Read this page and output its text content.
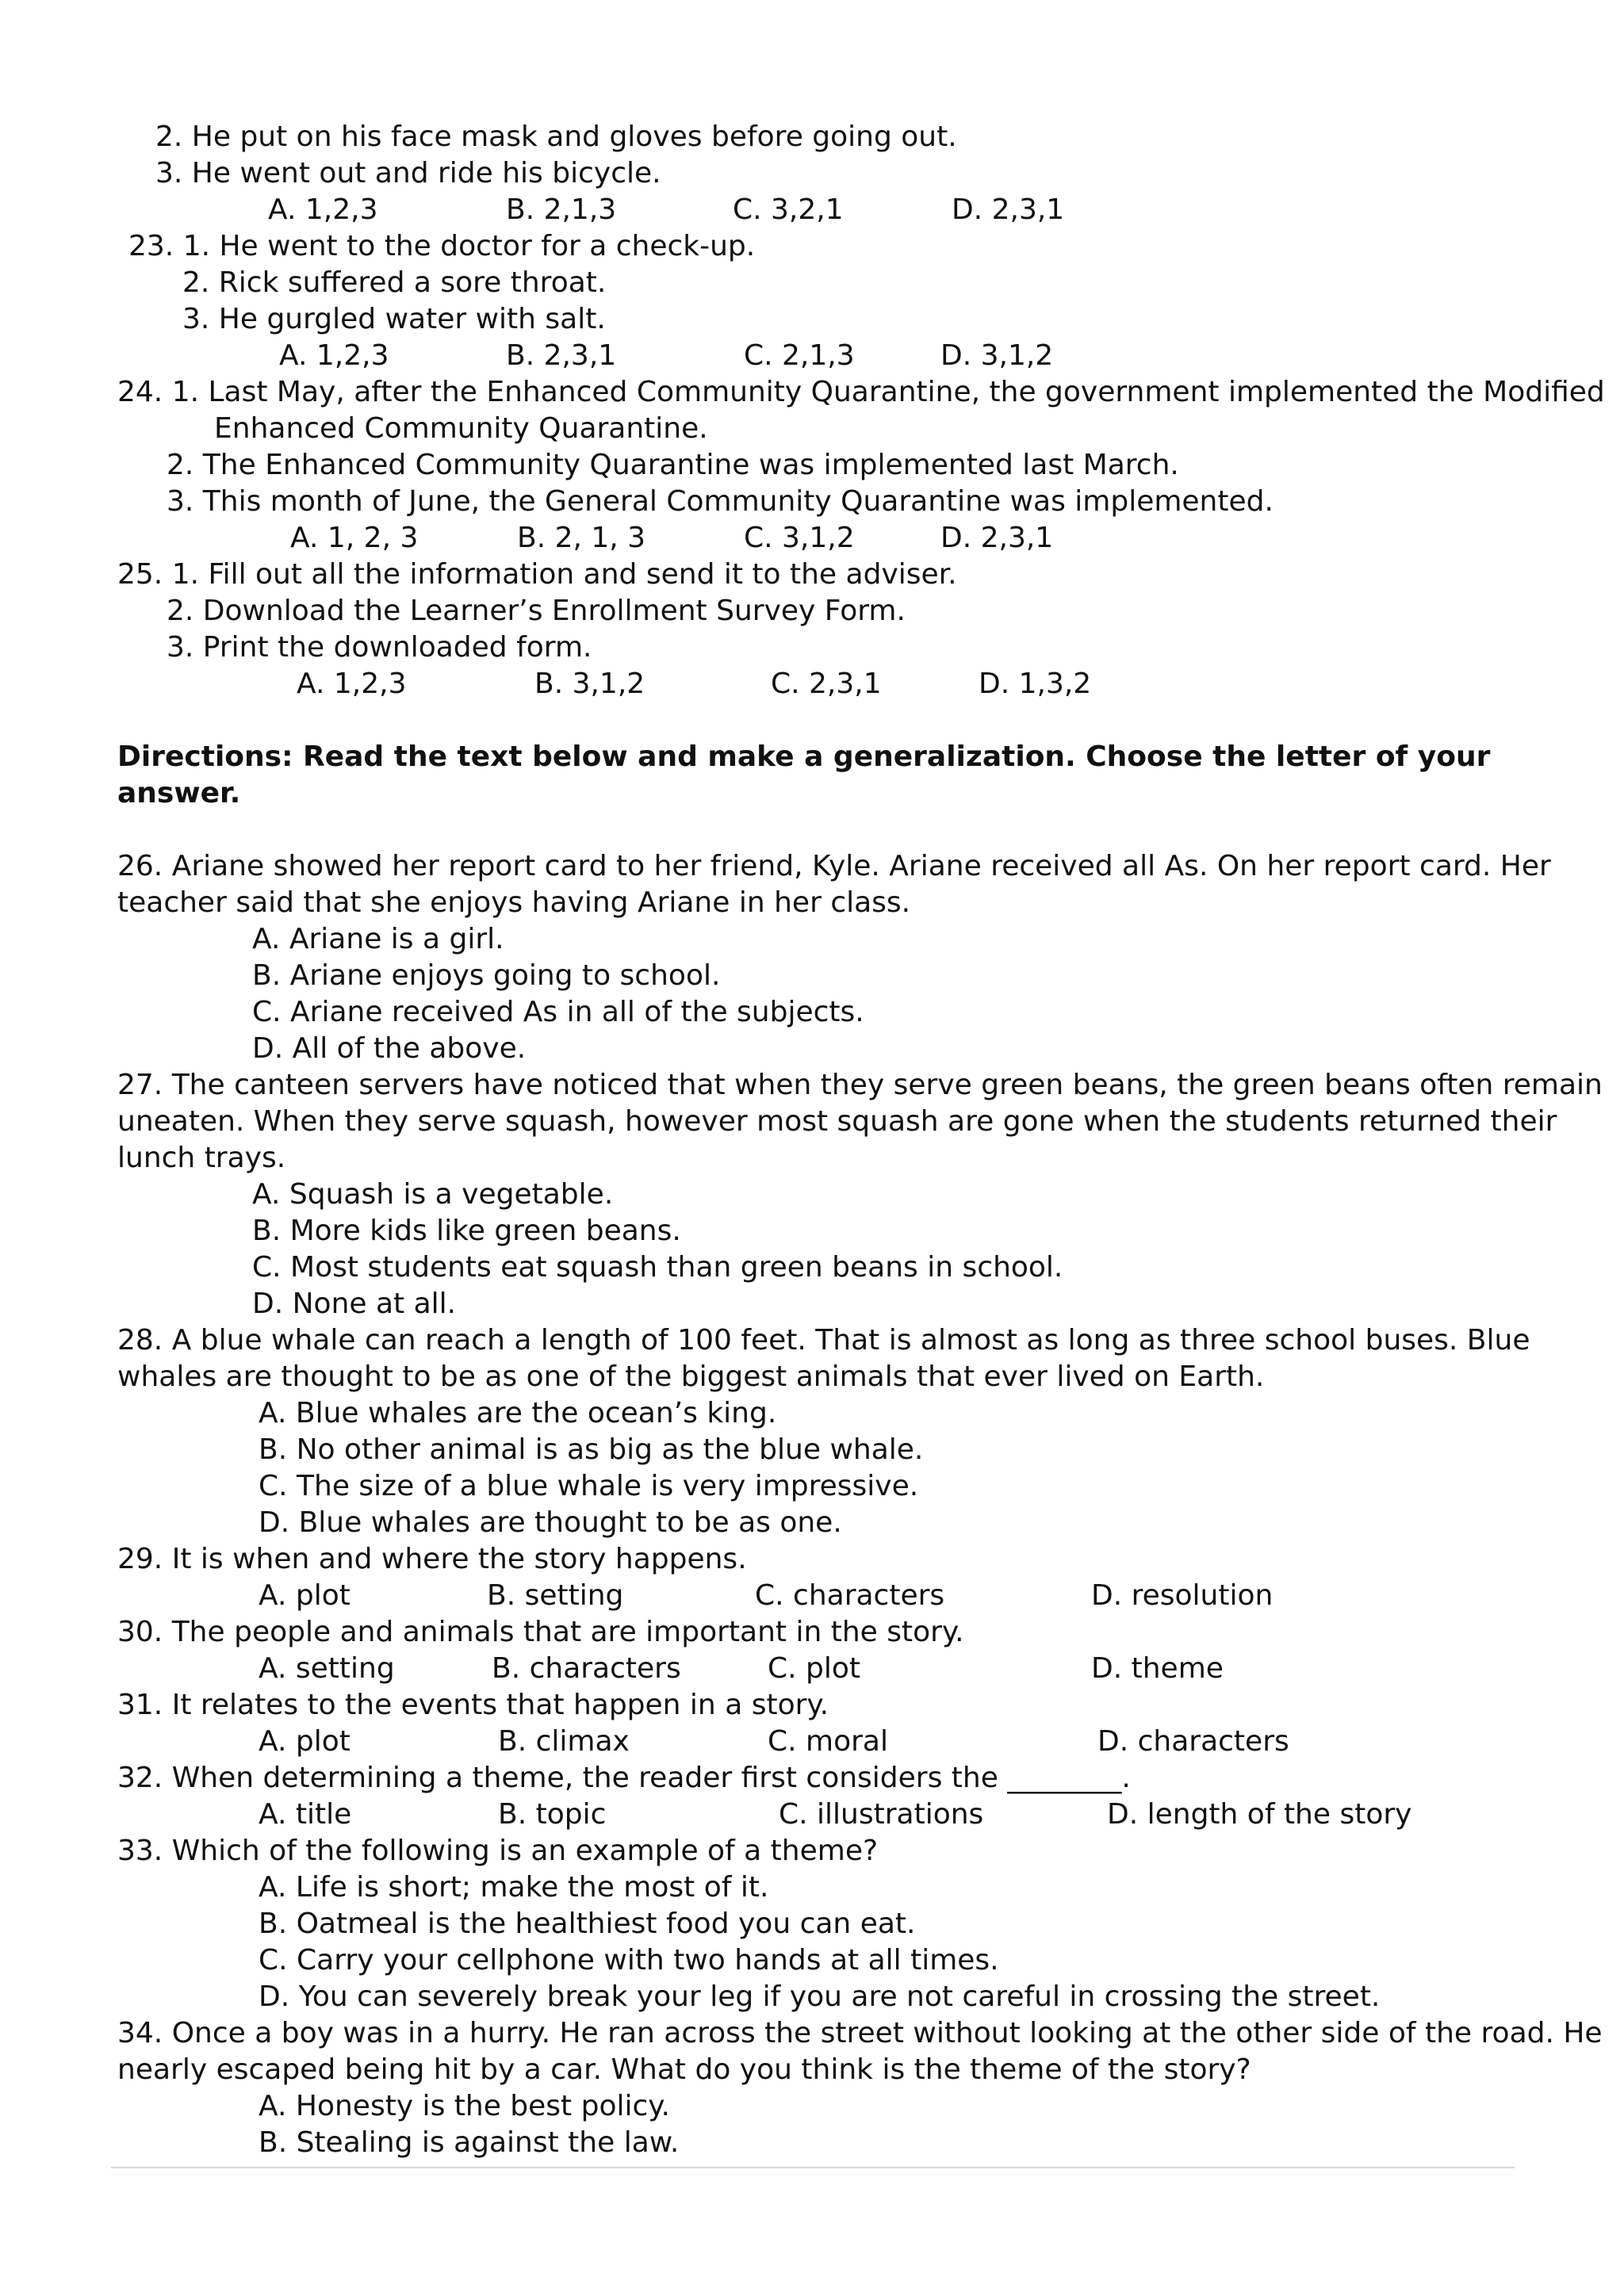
2. He put on his face mask and gloves before going out.
3. He went out and ride his bicycle.
A. 1,2,3	B. 2,1,3	C. 3,2,1	D. 2,3,1
23. 1. He went to the doctor for a check-up.
2. Rick suffered a sore throat.
3. He gurgled water with salt.
A. 1,2,3	B. 2,3,1	C. 2,1,3	D. 3,1,2
24. 1. Last May, after the Enhanced Community Quarantine, the government implemented the Modified
Enhanced Community Quarantine.
2. The Enhanced Community Quarantine was implemented last March.
3. This month of June, the General Community Quarantine was implemented.
A. 1, 2, 3	B. 2, 1, 3	C. 3,1,2	D. 2,3,1
25. 1. Fill out all the information and send it to the adviser.
2. Download the Learner’s Enrollment Survey Form.
3. Print the downloaded form.
A. 1,2,3	B. 3,1,2	C. 2,3,1	D. 1,3,2
Directions: Read the text below and make a generalization. Choose the letter of your
answer.
26. Ariane showed her report card to her friend, Kyle. Ariane received all As. On her report card. Her
teacher said that she enjoys having Ariane in her class.
A. Ariane is a girl.
B. Ariane enjoys going to school.
C. Ariane received As in all of the subjects.
D. All of the above.
27. The canteen servers have noticed that when they serve green beans, the green beans often remain
uneaten. When they serve squash, however most squash are gone when the students returned their
lunch trays.
A. Squash is a vegetable.
B. More kids like green beans.
C. Most students eat squash than green beans in school.
D. None at all.
28. A blue whale can reach a length of 100 feet. That is almost as long as three school buses. Blue
whales are thought to be as one of the biggest animals that ever lived on Earth.
A. Blue whales are the ocean’s king.
B. No other animal is as big as the blue whale.
C. The size of a blue whale is very impressive.
D. Blue whales are thought to be as one.
29. It is when and where the story happens.
A. plot	B. setting	C. characters	D. resolution
30. The people and animals that are important in the story.
A. setting	B. characters	C. plot	D. theme
31. It relates to the events that happen in a story.
A. plot	B. climax	C. moral	D. characters
32. When determining a theme, the reader first considers the ________.
A. title	B. topic	C. illustrations	D. length of the story
33. Which of the following is an example of a theme?
A. Life is short; make the most of it.
B. Oatmeal is the healthiest food you can eat.
C. Carry your cellphone with two hands at all times.
D. You can severely break your leg if you are not careful in crossing the street.
34. Once a boy was in a hurry. He ran across the street without looking at the other side of the road. He
nearly escaped being hit by a car. What do you think is the theme of the story?
A. Honesty is the best policy.
B. Stealing is against the law.
